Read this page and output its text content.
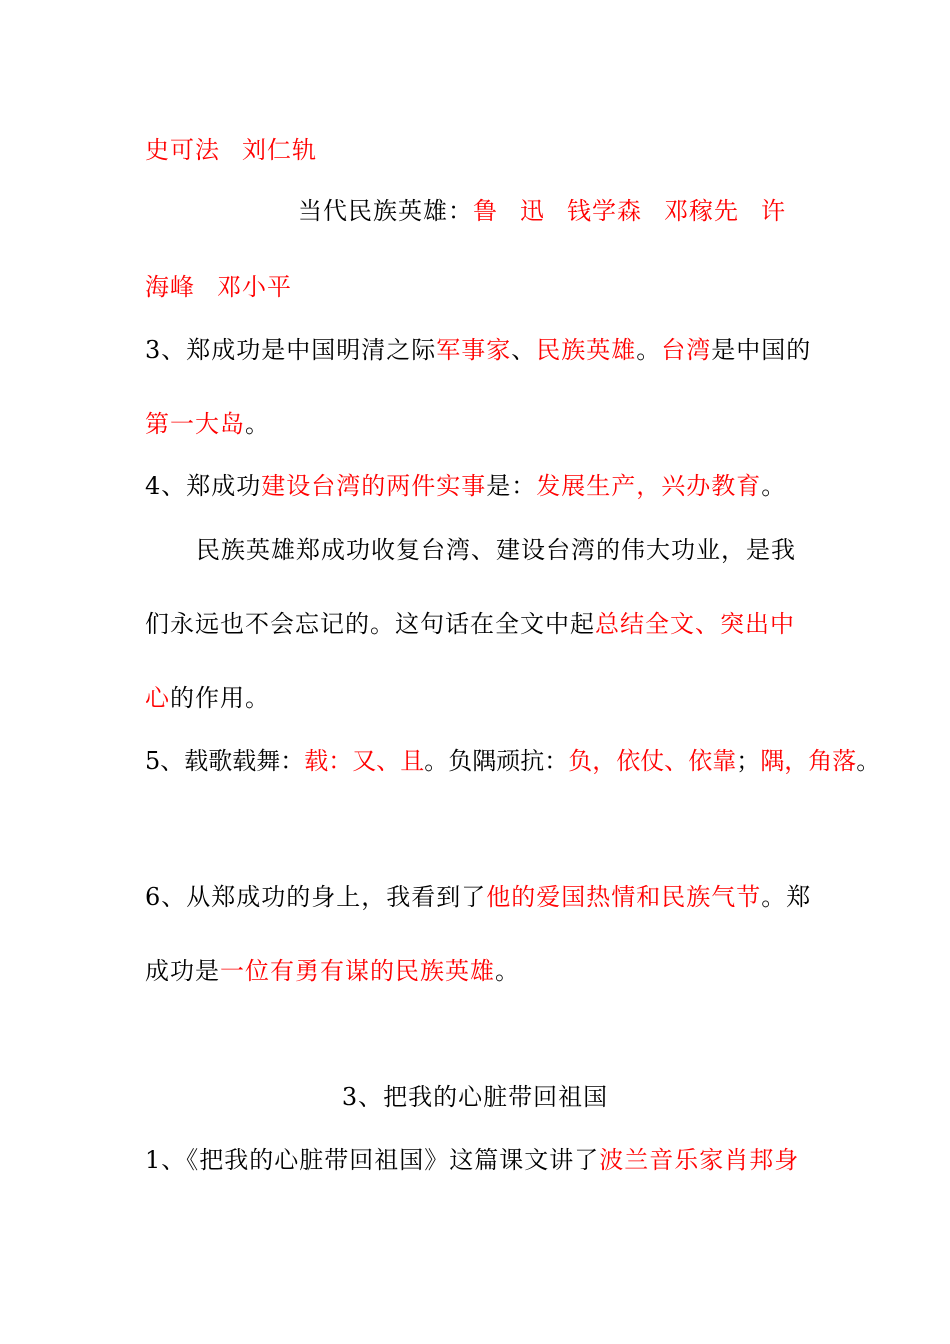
史可法 刘仁轨
当代民族英雄：鲁 迅 钱学森 邓稼先 许
海峰 邓小平
3、郑成功是中国明清之际军事家、民族英雄。台湾是中国的
第一大岛。
4、郑成功建设台湾的两件实事是：发展生产，兴办教育。
民族英雄郑成功收复台湾、建设台湾的伟大功业，是我
们永远也不会忘记的。这句话在全文中起总结全文、突出中
心的作用。
5、载歌载舞：载：又、且。负隅顽抗：负，依仗、依靠；隅，角落。
6、从郑成功的身上，我看到了他的爱国热情和民族气节。郑
成功是一位有勇有谋的民族英雄。
3、把我的心脏带回祖国
1、《把我的心脏带回祖国》这篇课文讲了波兰音乐家肖邦身
